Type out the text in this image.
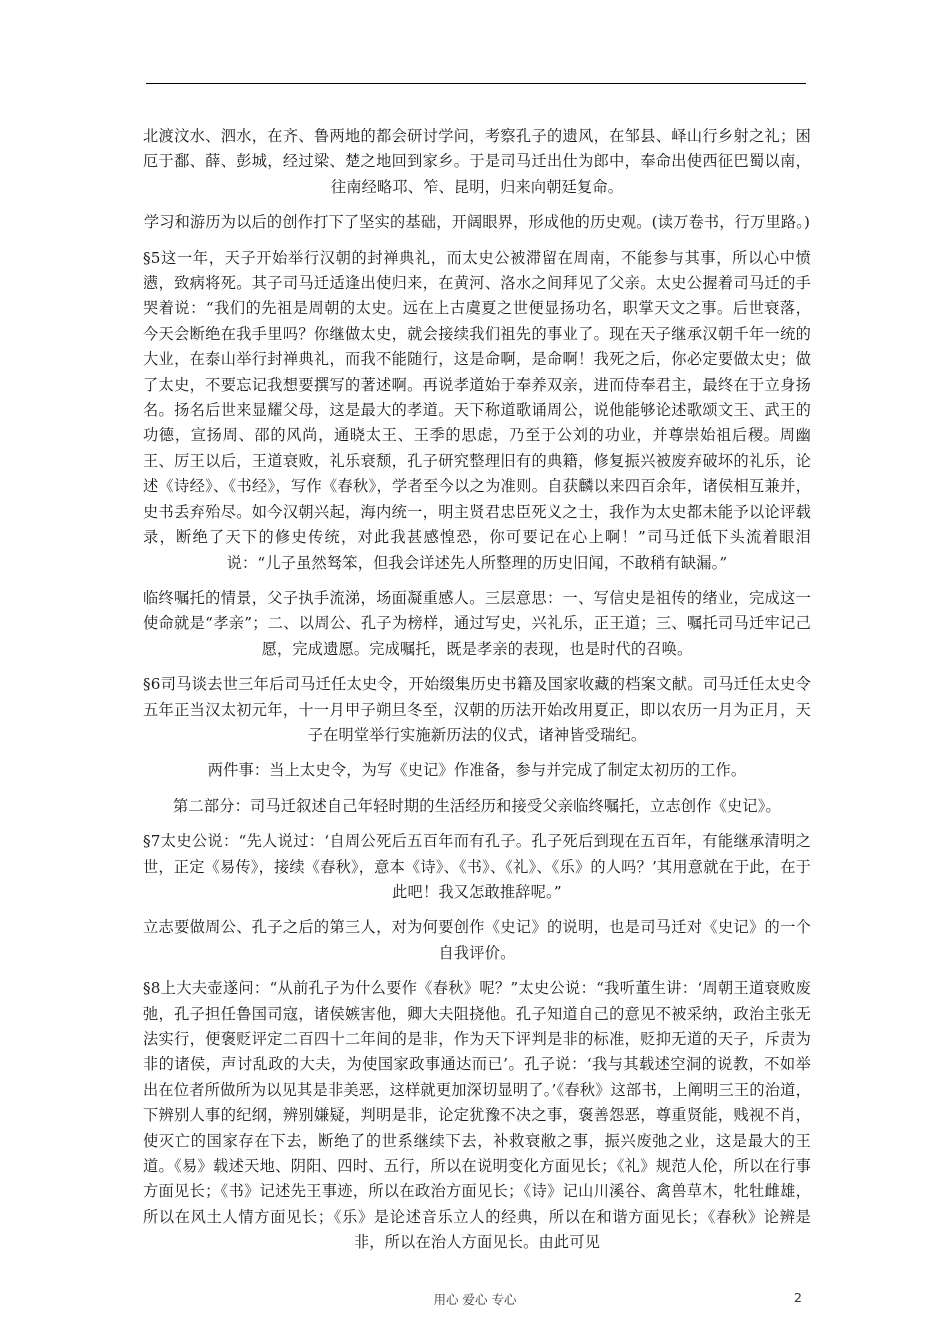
北渡汶水、泗水，在齐、鲁两地的都会研讨学问，考察孔子的遗风，在邹县、峄山行乡射之礼；困厄于鄱、薛、彭城，经过梁、楚之地回到家乡。于是司马迁出仕为郎中，奉命出使西征巴蜀以南，往南经略邛、笮、昆明，归来向朝廷复命。

学习和游历为以后的创作打下了坚实的基础，开阔眼界，形成他的历史观。(读万卷书，行万里路。)

§5这一年，天子开始举行汉朝的封禅典礼，而太史公被滞留在周南，不能参与其事，所以心中愤懑，致病将死。其子司马迁适逢出使归来，在黄河、洛水之间拜见了父亲。太史公握着司马迁的手哭着说：“我们的先祖是周朝的太史。远在上古虞夏之世便显扬功名，职掌天文之事。后世衰落，今天会断绝在我手里吗？你继做太史，就会接续我们祖先的事业了。现在天子继承汉朝千年一统的大业，在泰山举行封禅典礼，而我不能随行，这是命啊，是命啊！我死之后，你必定要做太史；做了太史，不要忘记我想要撰写的著述啊。再说孝道始于奉养双亲，进而侍奉君主，最终在于立身扬名。扬名后世来显耀父母，这是最大的孝道。天下称道歌诵周公，说他能够论述歌颂文王、武王的功德，宣扬周、邵的风尚，通晓太王、王季的思虑，乃至于公刘的功业，并尊崇始祖后稷。周幽王、厉王以后，王道衰败，礼乐衰颓，孔子研究整理旧有的典籍，修复振兴被废弃破坏的礼乐，论述《诗经》、《书经》，写作《春秋》，学者至今以之为准则。自获麟以来四百余年，诸侯相互兼并，史书丢弃殆尽。如今汉朝兴起，海内统一，明主贤君忠臣死义之士，我作为太史都未能予以论评载录，断绝了天下的修史传统，对此我甚感惶恐，你可要记在心上啊！”司马迁低下头流着眼泪说：“儿子虽然驽笨，但我会详述先人所整理的历史旧闻，不敢稍有缺漏。”

临终嘱托的情景，父子执手流涕，场面凝重感人。三层意思：一、写信史是祖传的绪业，完成这一使命就是“孝亲”；二、以周公、孔子为榜样，通过写史，兴礼乐，正王道；三、嘱托司马迁牢记己愿，完成遗愿。完成嘱托，既是孝亲的表现，也是时代的召唤。

§6司马谈去世三年后司马迁任太史令，开始缀集历史书籍及国家收藏的档案文献。司马迁任太史令五年正当汉太初元年，十一月甲子朔旦冬至，汉朝的历法开始改用夏正，即以农历一月为正月，天子在明堂举行实施新历法的仪式，诸神皆受瑞纪。

两件事：当上太史令，为写《史记》作准备，参与并完成了制定太初历的工作。

第二部分：司马迁叙述自己年轻时期的生活经历和接受父亲临终嘱托，立志创作《史记》。

§7太史公说：“先人说过：‘自周公死后五百年而有孔子。孔子死后到现在五百年，有能继承清明之世，正定《易传》，接续《春秋》，意本《诗》、《书》、《礼》、《乐》的人吗？’其用意就在于此，在于此吧！我又怎敢推辞呢。”

立志要做周公、孔子之后的第三人，对为何要创作《史记》的说明，也是司马迁对《史记》的一个自我评价。

§8上大夫壶遂问：“从前孔子为什么要作《春秋》呢？”太史公说：“我听董生讲：‘周朝王道衰败废弛，孔子担任鲁国司寇，诸侯嫉害他，卿大夫阻挠他。孔子知道自己的意见不被采纳，政治主张无法实行，便褒贬评定二百四十二年间的是非，作为天下评判是非的标准，贬抑无道的天子，斥责为非的诸侯，声讨乱政的大夫，为使国家政事通达而已’。孔子说：‘我与其载述空洞的说教，不如举出在位者所做所为以见其是非美恶，这样就更加深切显明了。’《春秋》这部书，上阐明三王的治道，下辨别人事的纪纲，辨别嫌疑，判明是非，论定犹豫不决之事，褒善怨恶，尊重贤能，贱视不肖，使灭亡的国家存在下去，断绝了的世系继续下去，补救衰敝之事，振兴废弛之业，这是最大的王道。《易》载述天地、阴阳、四时、五行，所以在说明变化方面见长；《礼》规范人伦，所以在行事方面见长；《书》记述先王事迹，所以在政治方面见长；《诗》记山川溪谷、禽兽草木，牝牡雌雄，所以在风土人情方面见长；《乐》是论述音乐立人的经典，所以在和谐方面见长；《春秋》论辨是非，所以在治人方面见长。由此可见

用心 爱心 专心	2
